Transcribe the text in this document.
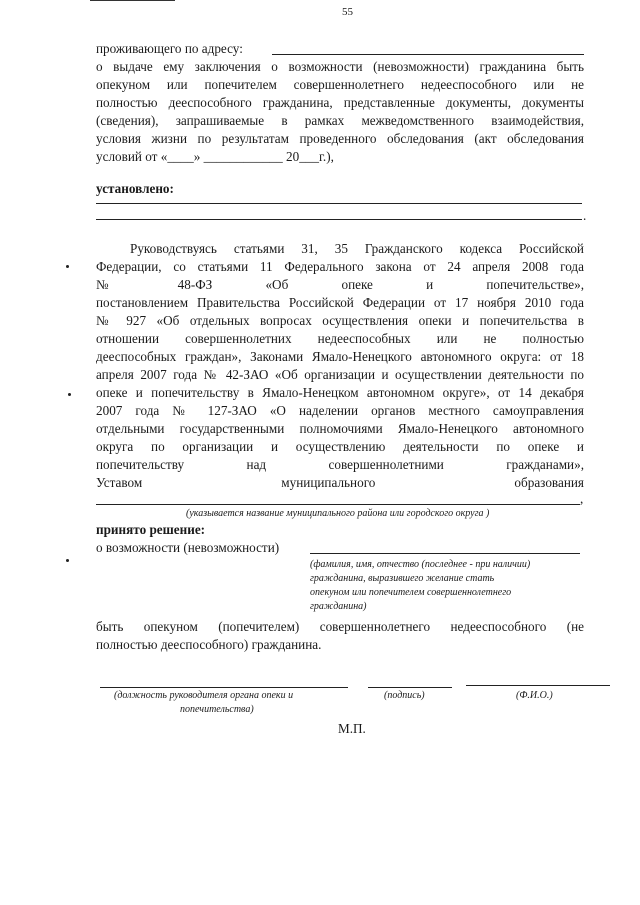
55
проживающего по адресу:
о выдаче ему заключения о возможности (невозможности) гражданина быть
опекуном или попечителем совершеннолетнего недееспособного или не
полностью дееспособного гражданина, представленные документы, документы
(сведения), запрашиваемые в рамках межведомственного взаимодействия,
условия жизни по результатам проведенного обследования (акт обследования
условий от «____» ____________ 20___г.),
установлено:
.
Руководствуясь статьями 31, 35 Гражданского кодекса Российской
Федерации, со статьями 11 Федерального закона от 24 апреля 2008 года
№ 48-ФЗ «Об опеке и попечительстве»,
постановлением Правительства Российской Федерации от 17 ноября 2010 года
№ 927 «Об отдельных вопросах осуществления опеки и попечительства в
отношении совершеннолетних недееспособных или не полностью
дееспособных граждан», Законами Ямало-Ненецкого автономного округа: от 18
апреля 2007 года № 42-ЗАО «Об организации и осуществлении деятельности по
опеке и попечительству в Ямало-Ненецком автономном округе», от 14 декабря
2007 года № 127-ЗАО «О наделении органов местного самоуправления
отдельными государственными полномочиями Ямало-Ненецкого автономного
округа по организации и осуществлению деятельности по опеке и
попечительству над совершеннолетними гражданами»,
Уставом муниципального образования
,
(указывается название муниципального района или городского округа )
принято решение:
о возможности (невозможности)
(фамилия, имя, отчество (последнее - при наличии)
гражданина, выразившего желание стать
опекуном или попечителем совершеннолетнего
гражданина)
быть опекуном (попечителем) совершеннолетнего недееспособного (не
полностью дееспособного) гражданина.
(должность руководителя органа опеки и
попечительства)
(подпись)	(Ф.И.О.)
М.П.
